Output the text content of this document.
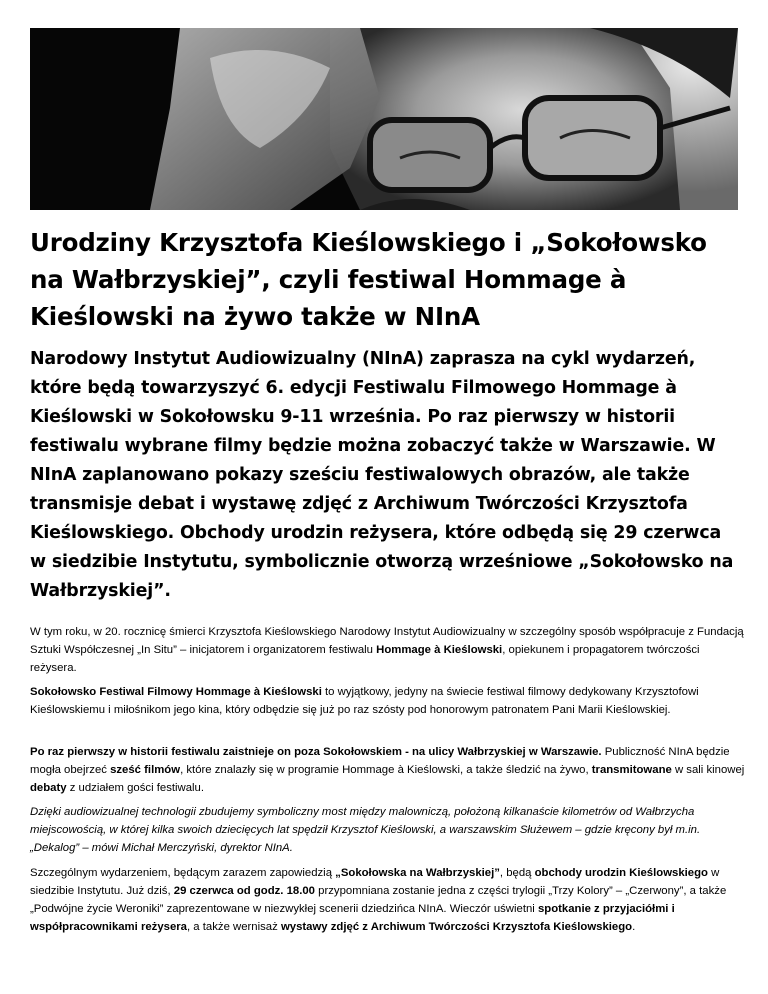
Urodziny Krzysztofa Kieślowskiego i „Sokołowsko na Wałbrzyskiej”, czyli festiwal Hommage à Kieślowski na żywo także w NInA

Narodowy Instytut Audiowizualny (NInA) zaprasza na cykl wydarzeń, które będą towarzyszyć 6. edycji Festiwalu Filmowego Hommage à Kieślowski w Sokołowsku 9-11 września. Po raz pierwszy w historii festiwalu wybrane filmy będzie można zobaczyć także w Warszawie. W NInA zaplanowano pokazy sześciu festiwalowych obrazów, ale także transmisje debat i wystawę zdjęć z Archiwum Twórczości Krzysztofa Kieślowskiego. Obchody urodzin reżysera, które odbędą się 29 czerwca w siedzibie Instytutu, symbolicznie otworzą wrześniowe „Sokołowsko na Wałbrzyskiej”.

W tym roku, w 20. rocznicę śmierci Krzysztofa Kieślowskiego Narodowy Instytut Audiowizualny w szczególny sposób współpracuje z Fundacją Sztuki Współczesnej „In Situ” – inicjatorem i organizatorem festiwalu Hommage à Kieślowski, opiekunem i propagatorem twórczości reżysera.

Sokołowsko Festiwal Filmowy Hommage à Kieślowski to wyjątkowy, jedyny na świecie festiwal filmowy dedykowany Krzysztofowi Kieślowskiemu i miłośnikom jego kina, który odbędzie się już po raz szósty pod honorowym patronatem Pani Marii Kieślowskiej.

Po raz pierwszy w historii festiwalu zaistnieje on poza Sokołowskiem - na ulicy Wałbrzyskiej w Warszawie. Publiczność NInA będzie mogła obejrzeć sześć filmów, które znalazły się w programie Hommage à Kieślowski, a także śledzić na żywo, transmitowane w sali kinowej debaty z udziałem gości festiwalu.

Dzięki audiowizualnej technologii zbudujemy symboliczny most między malowniczą, położoną kilkanaście kilometrów od Wałbrzycha miejscowością, w której kilka swoich dziecięcych lat spędził Krzysztof Kieślowski, a warszawskim Służewem – gdzie kręcony był m.in. „Dekalog” – mówi Michał Merczyński, dyrektor NInA.

Szczególnym wydarzeniem, będącym zarazem zapowiedzią „Sokołowska na Wałbrzyskiej”, będą obchody urodzin Kieślowskiego w siedzibie Instytutu. Już dziś, 29 czerwca od godz. 18.00 przypomniana zostanie jedna z części trylogii „Trzy Kolory” – „Czerwony”, a także „Podwójne życie Weroniki” zaprezentowane w niezwykłej scenerii dziedzińca NInA. Wieczór uświetni spotkanie z przyjaciółmi i współpracownikami reżysera, a także wernisaż wystawy zdjęć z Archiwum Twórczości Krzysztofa Kieślowskiego.
